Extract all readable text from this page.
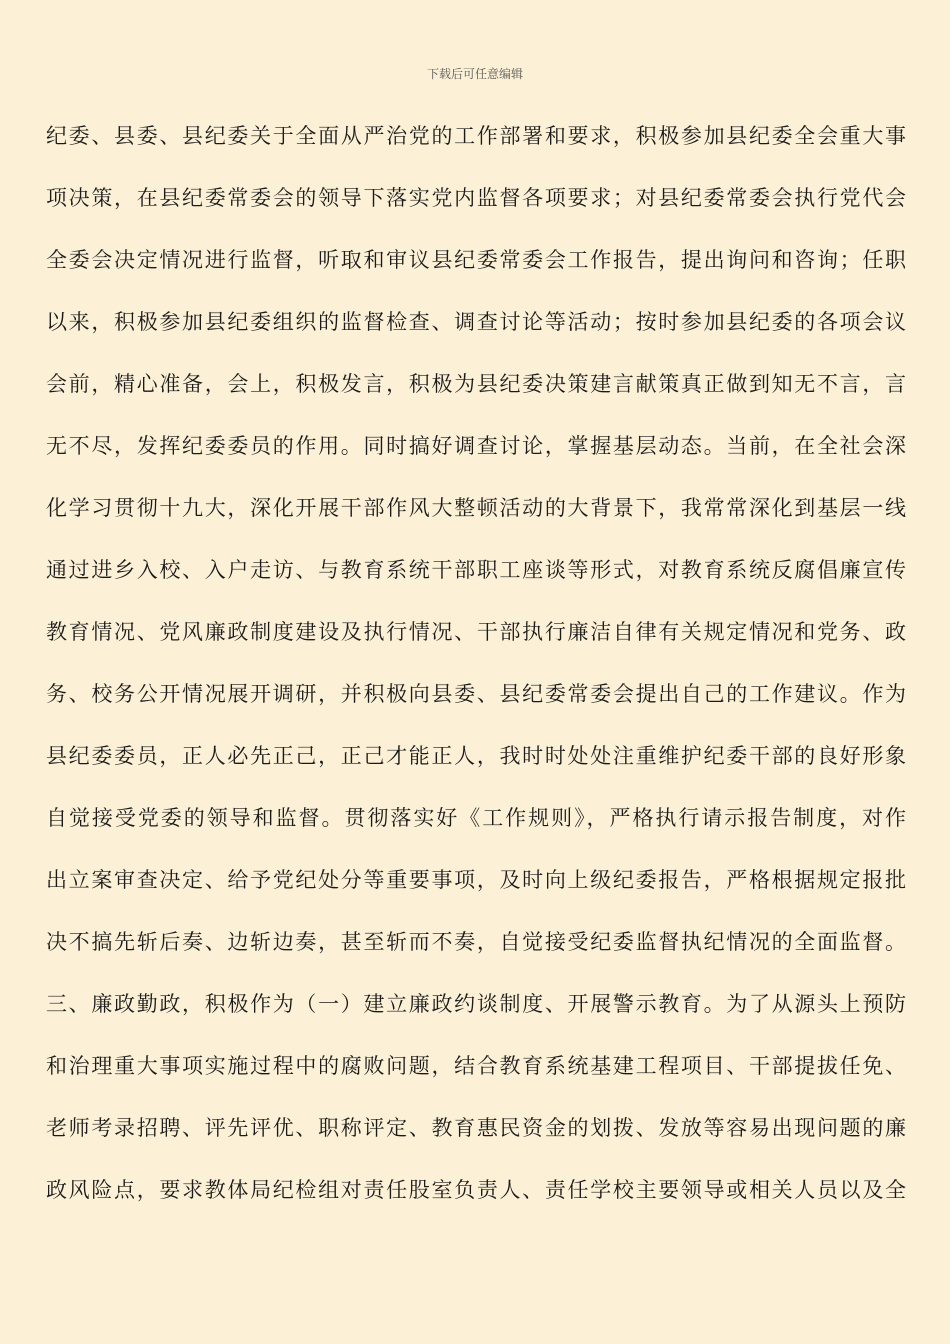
下载后可任意编辑
纪委、县委、县纪委关于全面从严治党的工作部署和要求，积极参加县纪委全会重大事
项决策，在县纪委常委会的领导下落实党内监督各项要求；对县纪委常委会执行党代会
全委会决定情况进行监督，听取和审议县纪委常委会工作报告，提出询问和咨询；任职
以来，积极参加县纪委组织的监督检查、调查讨论等活动；按时参加县纪委的各项会议
会前，精心准备，会上，积极发言，积极为县纪委决策建言献策真正做到知无不言，言
无不尽，发挥纪委委员的作用。同时搞好调查讨论，掌握基层动态。当前，在全社会深
化学习贯彻十九大，深化开展干部作风大整顿活动的大背景下，我常常深化到基层一线
通过进乡入校、入户走访、与教育系统干部职工座谈等形式，对教育系统反腐倡廉宣传
教育情况、党风廉政制度建设及执行情况、干部执行廉洁自律有关规定情况和党务、政
务、校务公开情况展开调研，并积极向县委、县纪委常委会提出自己的工作建议。作为
县纪委委员，正人必先正己，正己才能正人，我时时处处注重维护纪委干部的良好形象
自觉接受党委的领导和监督。贯彻落实好《工作规则》，严格执行请示报告制度，对作
出立案审查决定、给予党纪处分等重要事项，及时向上级纪委报告，严格根据规定报批
决不搞先斩后奏、边斩边奏，甚至斩而不奏，自觉接受纪委监督执纪情况的全面监督。
三、廉政勤政，积极作为（一）建立廉政约谈制度、开展警示教育。为了从源头上预防
和治理重大事项实施过程中的腐败问题，结合教育系统基建工程项目、干部提拔任免、
老师考录招聘、评先评优、职称评定、教育惠民资金的划拨、发放等容易出现问题的廉
政风险点，要求教体局纪检组对责任股室负责人、责任学校主要领导或相关人员以及全
